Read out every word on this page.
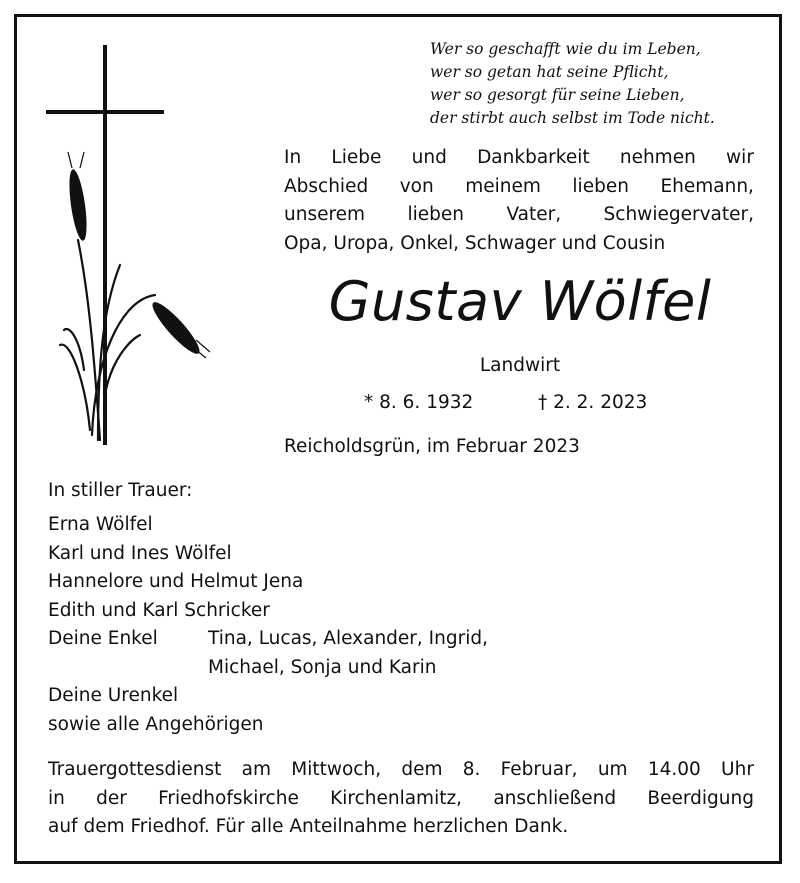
Wer so geschafft wie du im Leben,
wer so getan hat seine Pflicht,
wer so gesorgt für seine Lieben,
der stirbt auch selbst im Tode nicht.
In Liebe und Dankbarkeit nehmen wir
Abschied von meinem lieben Ehemann,
unserem lieben Vater, Schwiegervater,
Opa, Uropa, Onkel, Schwager und Cousin
Gustav Wölfel
Landwirt
* 8. 6. 1932	† 2. 2. 2023
Reicholdsgrün, im Februar 2023
In stiller Trauer:
Erna Wölfel
Karl und Ines Wölfel
Hannelore und Helmut Jena
Edith und Karl Schricker
Deine Enkel	Tina, Lucas, Alexander, Ingrid,
Michael, Sonja und Karin
Deine Urenkel
sowie alle Angehörigen
Trauergottesdienst am Mittwoch, dem 8. Februar, um 14.00 Uhr
in der Friedhofskirche Kirchenlamitz, anschließend Beerdigung
auf dem Friedhof. Für alle Anteilnahme herzlichen Dank.
